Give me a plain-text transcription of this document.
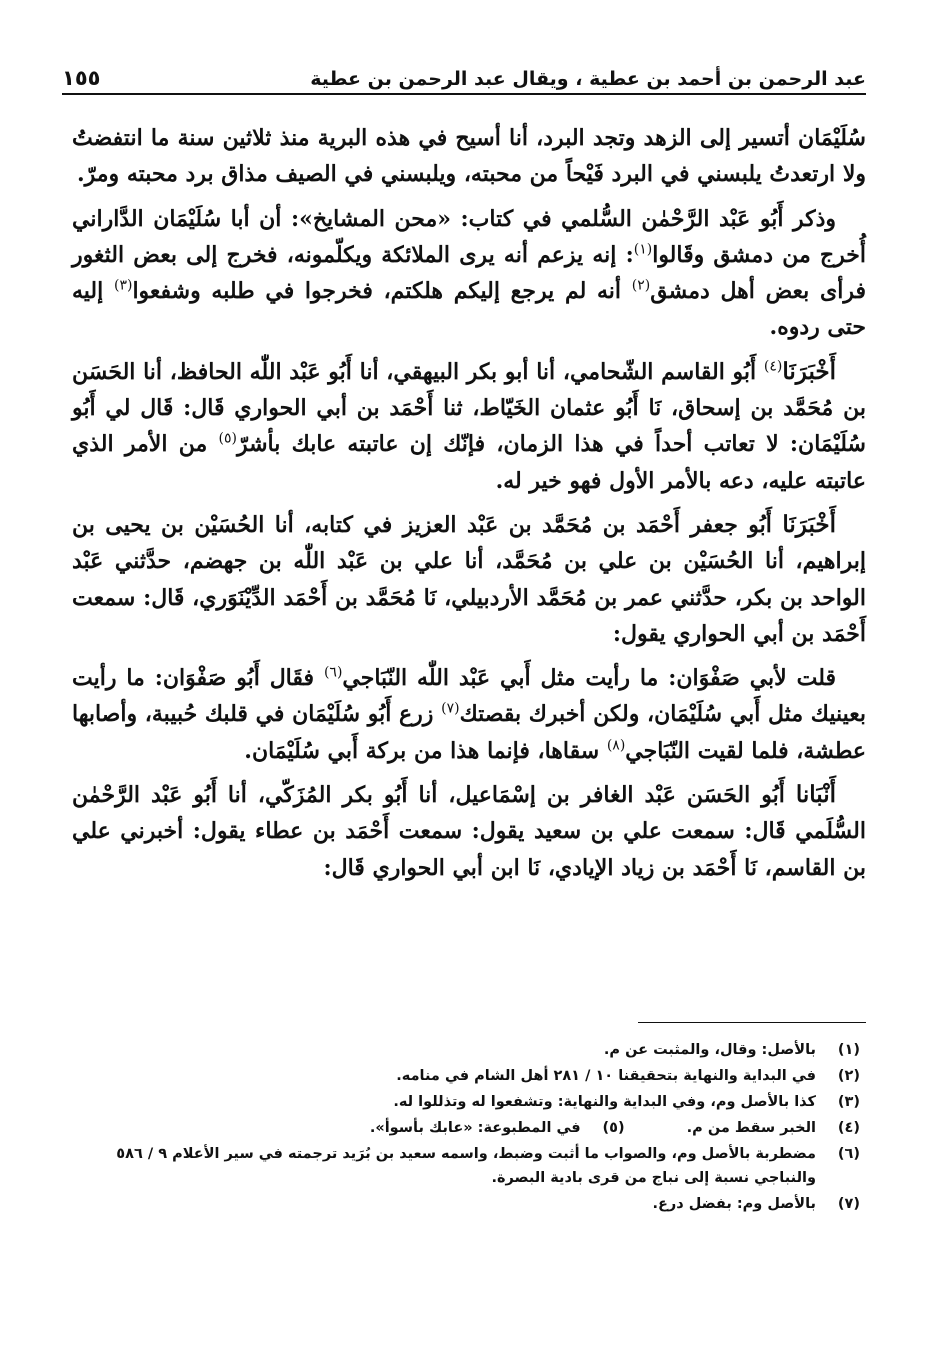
عبد الرحمن بن أحمد بن عطية ، ويقال عبد الرحمن بن عطية
١٥٥

سُلَيْمَان أتسير إلى الزهد وتجد البرد، أنا أسيح في هذه البرية منذ ثلاثين سنة ما انتفضتُ ولا ارتعدتُ يلبسني في البرد فَيْحاً من محبته، ويلبسني في الصيف مذاق برد محبته ومرّ.

وذكر أَبُو عَبْد الرَّحْمٰن السُّلمي في كتاب: «محن المشايخ»: أن أبا سُلَيْمَان الدَّاراني أُخرج من دمشق وقَالوا$^{(١)}$: إنه يزعم أنه يرى الملائكة ويكلّمونه، فخرج إلى بعض الثغور فرأى بعض أهل دمشق$^{(٢)}$ أنه لم يرجع إليكم هلكتم، فخرجوا في طلبه وشفعوا$^{(٣)}$ إليه حتى ردوه.

أَخْبَرَنَا$^{(٤)}$ أَبُو القاسم الشّحامي، أنا أبو بكر البيهقي، أنا أَبُو عَبْد اللّٰه الحافظ، أنا الحَسَن بن مُحَمَّد بن إسحاق، نَا أَبُو عثمان الخَيّاط، ثنا أَحْمَد بن أبي الحواري قَال: قَال لي أَبُو سُلَيْمَان: لا تعاتب أحداً في هذا الزمان، فإنّك إن عاتبته عابك بأشرّ$^{(٥)}$ من الأمر الذي عاتبته عليه، دعه بالأمر الأول فهو خير له.

أَخْبَرَنَا أَبُو جعفر أَحْمَد بن مُحَمَّد بن عَبْد العزيز في كتابه، أنا الحُسَيْن بن يحيى بن إبراهيم، أنا الحُسَيْن بن علي بن مُحَمَّد، أنا علي بن عَبْد اللّٰه بن جهضم، حدَّثني عَبْد الواحد بن بكر، حدَّثني عمر بن مُحَمَّد الأردبيلي، نَا مُحَمَّد بن أَحْمَد الدِّيْنَوَري، قَال: سمعت أَحْمَد بن أبي الحواري يقول:

قلت لأبي صَفْوَان: ما رأيت مثل أَبي عَبْد اللّٰه النّبَاجي$^{(٦)}$ فقَال أَبُو صَفْوَان: ما رأيت بعينيك مثل أَبي سُلَيْمَان، ولكن أخبرك بقصتك$^{(٧)}$ زرع أَبُو سُلَيْمَان في قلبك حُبيبة، وأصابها عطشة، فلما لقيت النّبَاجي$^{(٨)}$ سقاها، فإنما هذا من بركة أَبي سُلَيْمَان.

أَنْبَانا أَبُو الحَسَن عَبْد الغافر بن إسْمَاعيل، أنا أَبُو بكر المُزَكّي، أنا أَبُو عَبْد الرَّحْمٰن السُّلَمي قَال: سمعت علي بن سعيد يقول: سمعت أَحْمَد بن عطاء يقول: أخبرني علي بن القاسم، نَا أَحْمَد بن زياد الإيادي، نَا ابن أبي الحواري قَال:

(١)
بالأصل: وقال، والمثبت عن م.
(٢)
في البداية والنهاية بتحقيقنا ١٠ / ٢٨١ أهل الشام في منامه.
(٣)
كذا بالأصل وم، وفي البداية والنهاية: وتشفعوا له وتذللوا له.
(٤)
الخبر سقط من م.
(٥)
في المطبوعة: «عابك بأسوأ».
(٦)
مضطربة بالأصل وم، والصواب ما أثبت وضبط، واسمه سعيد بن بُرَيد ترجمته في سير الأعلام ٩ / ٥٨٦ والنباجي نسبة إلى نباج من قرى بادية البصرة.
(٧)
بالأصل وم: بفضل درع.
